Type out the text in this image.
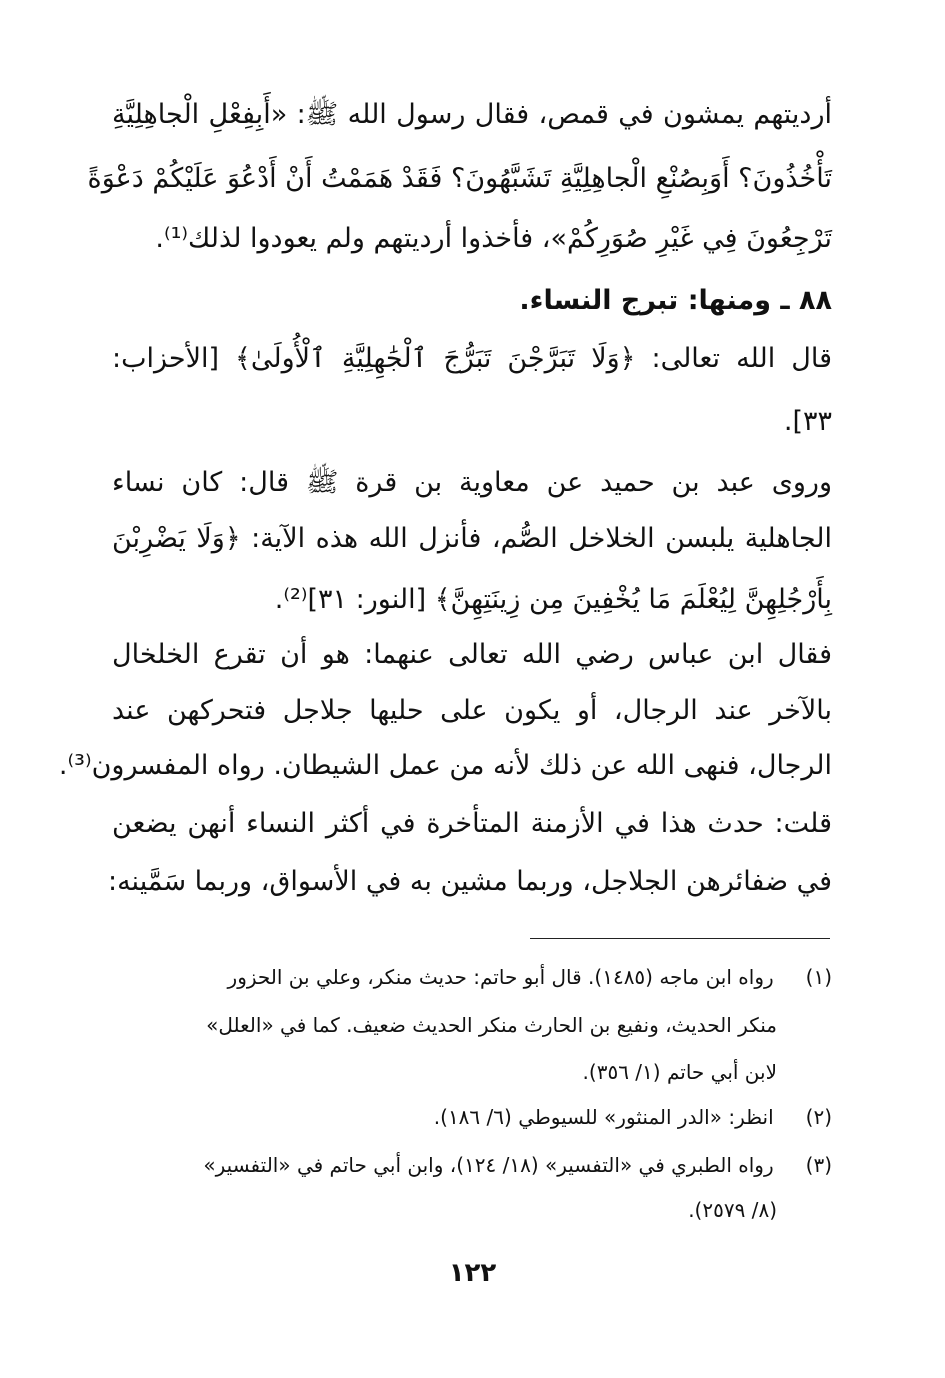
أرديتهم يمشون في قمص، فقال رسول الله ﷺ: «أَبِفِعْلِ الْجاهِلِيَّةِ
تَأْخُذُونَ؟ أَوَبِصُنْعِ الْجاهِلِيَّةِ تَشَبَّهُونَ؟ فَقَدْ هَمَمْتُ أَنْ أَدْعُوَ عَلَيْكُمْ دَعْوَةً
تَرْجِعُونَ فِي غَيْرِ صُوَرِكُمْ»، فأخذوا أرديتهم ولم يعودوا لذلك⁽¹⁾.
٨٨ ـ ومنها: تبرج النساء.
قال الله تعالى: ﴿وَلَا تَبَرَّجْنَ تَبَرُّجَ ٱلْجَٰهِلِيَّةِ ٱلْأُولَىٰ﴾ [الأحزاب:
٣٣].
وروى عبد بن حميد عن معاوية بن قرة ﷺ قال: كان نساء
الجاهلية يلبسن الخلاخل الصُّم، فأنزل الله هذه الآية: ﴿وَلَا يَضْرِبْنَ
بِأَرْجُلِهِنَّ لِيُعْلَمَ مَا يُخْفِينَ مِن زِينَتِهِنَّ﴾ [النور: ٣١]⁽²⁾.
فقال ابن عباس رضي الله تعالى عنهما: هو أن تقرع الخلخال
بالآخر عند الرجال، أو يكون على حليها جلاجل فتحركهن عند
الرجال، فنهى الله عن ذلك لأنه من عمل الشيطان. رواه المفسرون⁽³⁾.
قلت: حدث هذا في الأزمنة المتأخرة في أكثر النساء أنهن يضعن
في ضفائرهن الجلاجل، وربما مشين به في الأسواق، وربما سَمَّينه:
(١) رواه ابن ماجه (١٤٨٥). قال أبو حاتم: حديث منكر، وعلي بن الحزور
منكر الحديث، ونفيع بن الحارث منكر الحديث ضعيف. كما في «العلل»
لابن أبي حاتم (١/ ٣٥٦).
(٢) انظر: «الدر المنثور» للسيوطي (٦/ ١٨٦).
(٣) رواه الطبري في «التفسير» (١٨/ ١٢٤)، وابن أبي حاتم في «التفسير»
(٨/ ٢٥٧٩).
١٢٢
